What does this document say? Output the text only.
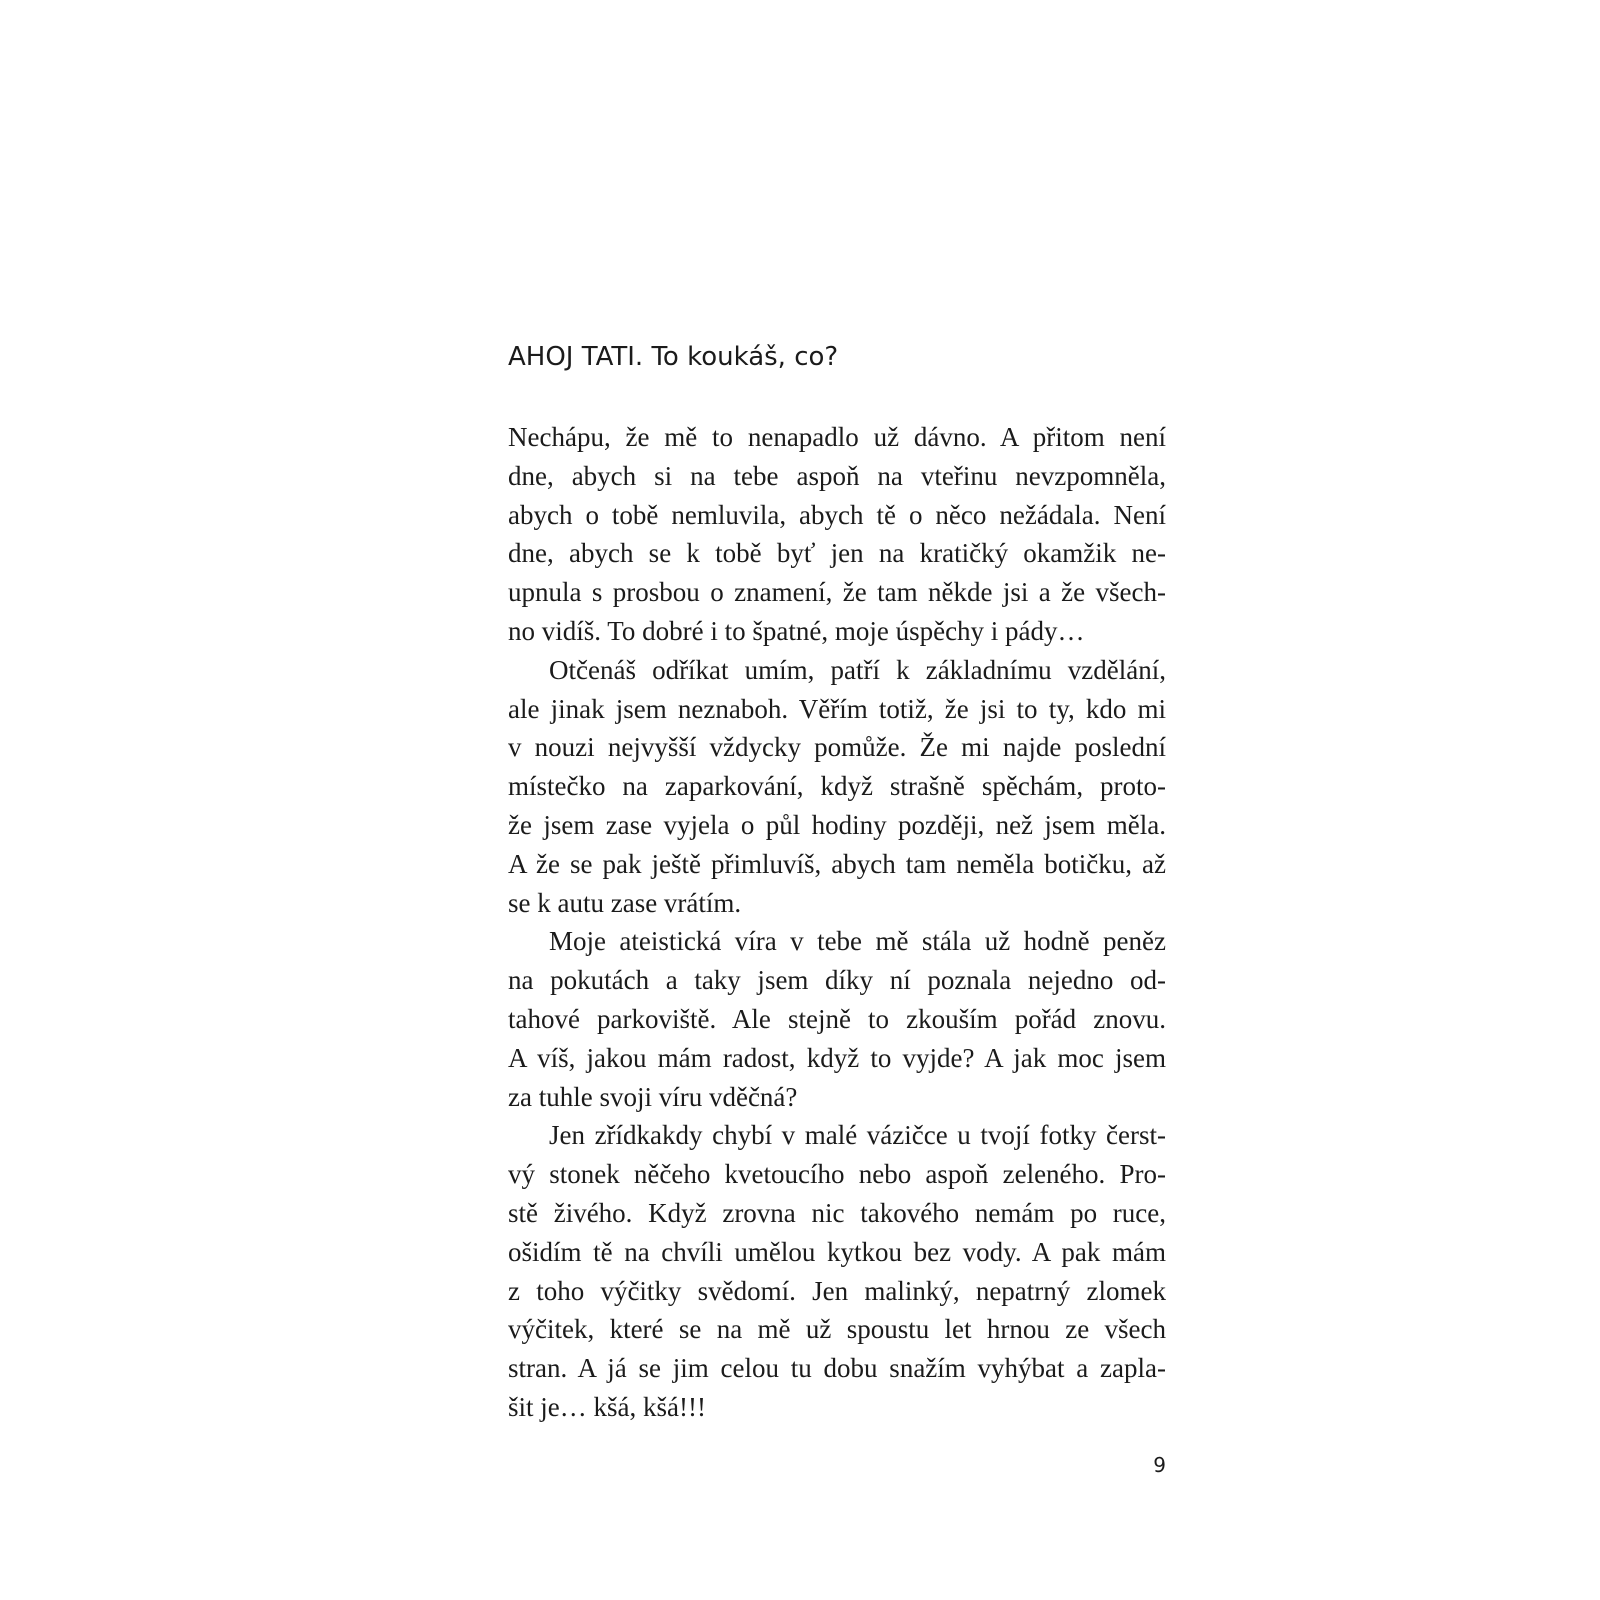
AHOJ TATI. To koukáš, co?
Nechápu, že mě to nenapadlo už dávno. A přitom není
dne, abych si na tebe aspoň na vteřinu nevzpomněla,
abych o tobě nemluvila, abych tě o něco nežádala. Není
dne, abych se k tobě byť jen na kratičký okamžik ne-
upnula s prosbou o znamení, že tam někde jsi a že všech-
no vidíš. To dobré i to špatné, moje úspěchy i pády…
Otčenáš odříkat umím, patří k základnímu vzdělání,
ale jinak jsem neznaboh. Věřím totiž, že jsi to ty, kdo mi
v nouzi nejvyšší vždycky pomůže. Že mi najde poslední
místečko na zaparkování, když strašně spěchám, proto-
že jsem zase vyjela o půl hodiny později, než jsem měla.
A že se pak ještě přimluvíš, abych tam neměla botičku, až
se k autu zase vrátím.
Moje ateistická víra v tebe mě stála už hodně peněz
na pokutách a taky jsem díky ní poznala nejedno od-
tahové parkoviště. Ale stejně to zkouším pořád znovu.
A víš, jakou mám radost, když to vyjde? A jak moc jsem
za tuhle svoji víru vděčná?
Jen zřídkakdy chybí v malé vázičce u tvojí fotky čerst-
vý stonek něčeho kvetoucího nebo aspoň zeleného. Pro-
stě živého. Když zrovna nic takového nemám po ruce,
ošidím tě na chvíli umělou kytkou bez vody. A pak mám
z toho výčitky svědomí. Jen malinký, nepatrný zlomek
výčitek, které se na mě už spoustu let hrnou ze všech
stran. A já se jim celou tu dobu snažím vyhýbat a zapla-
šit je… kšá, kšá!!!
9
